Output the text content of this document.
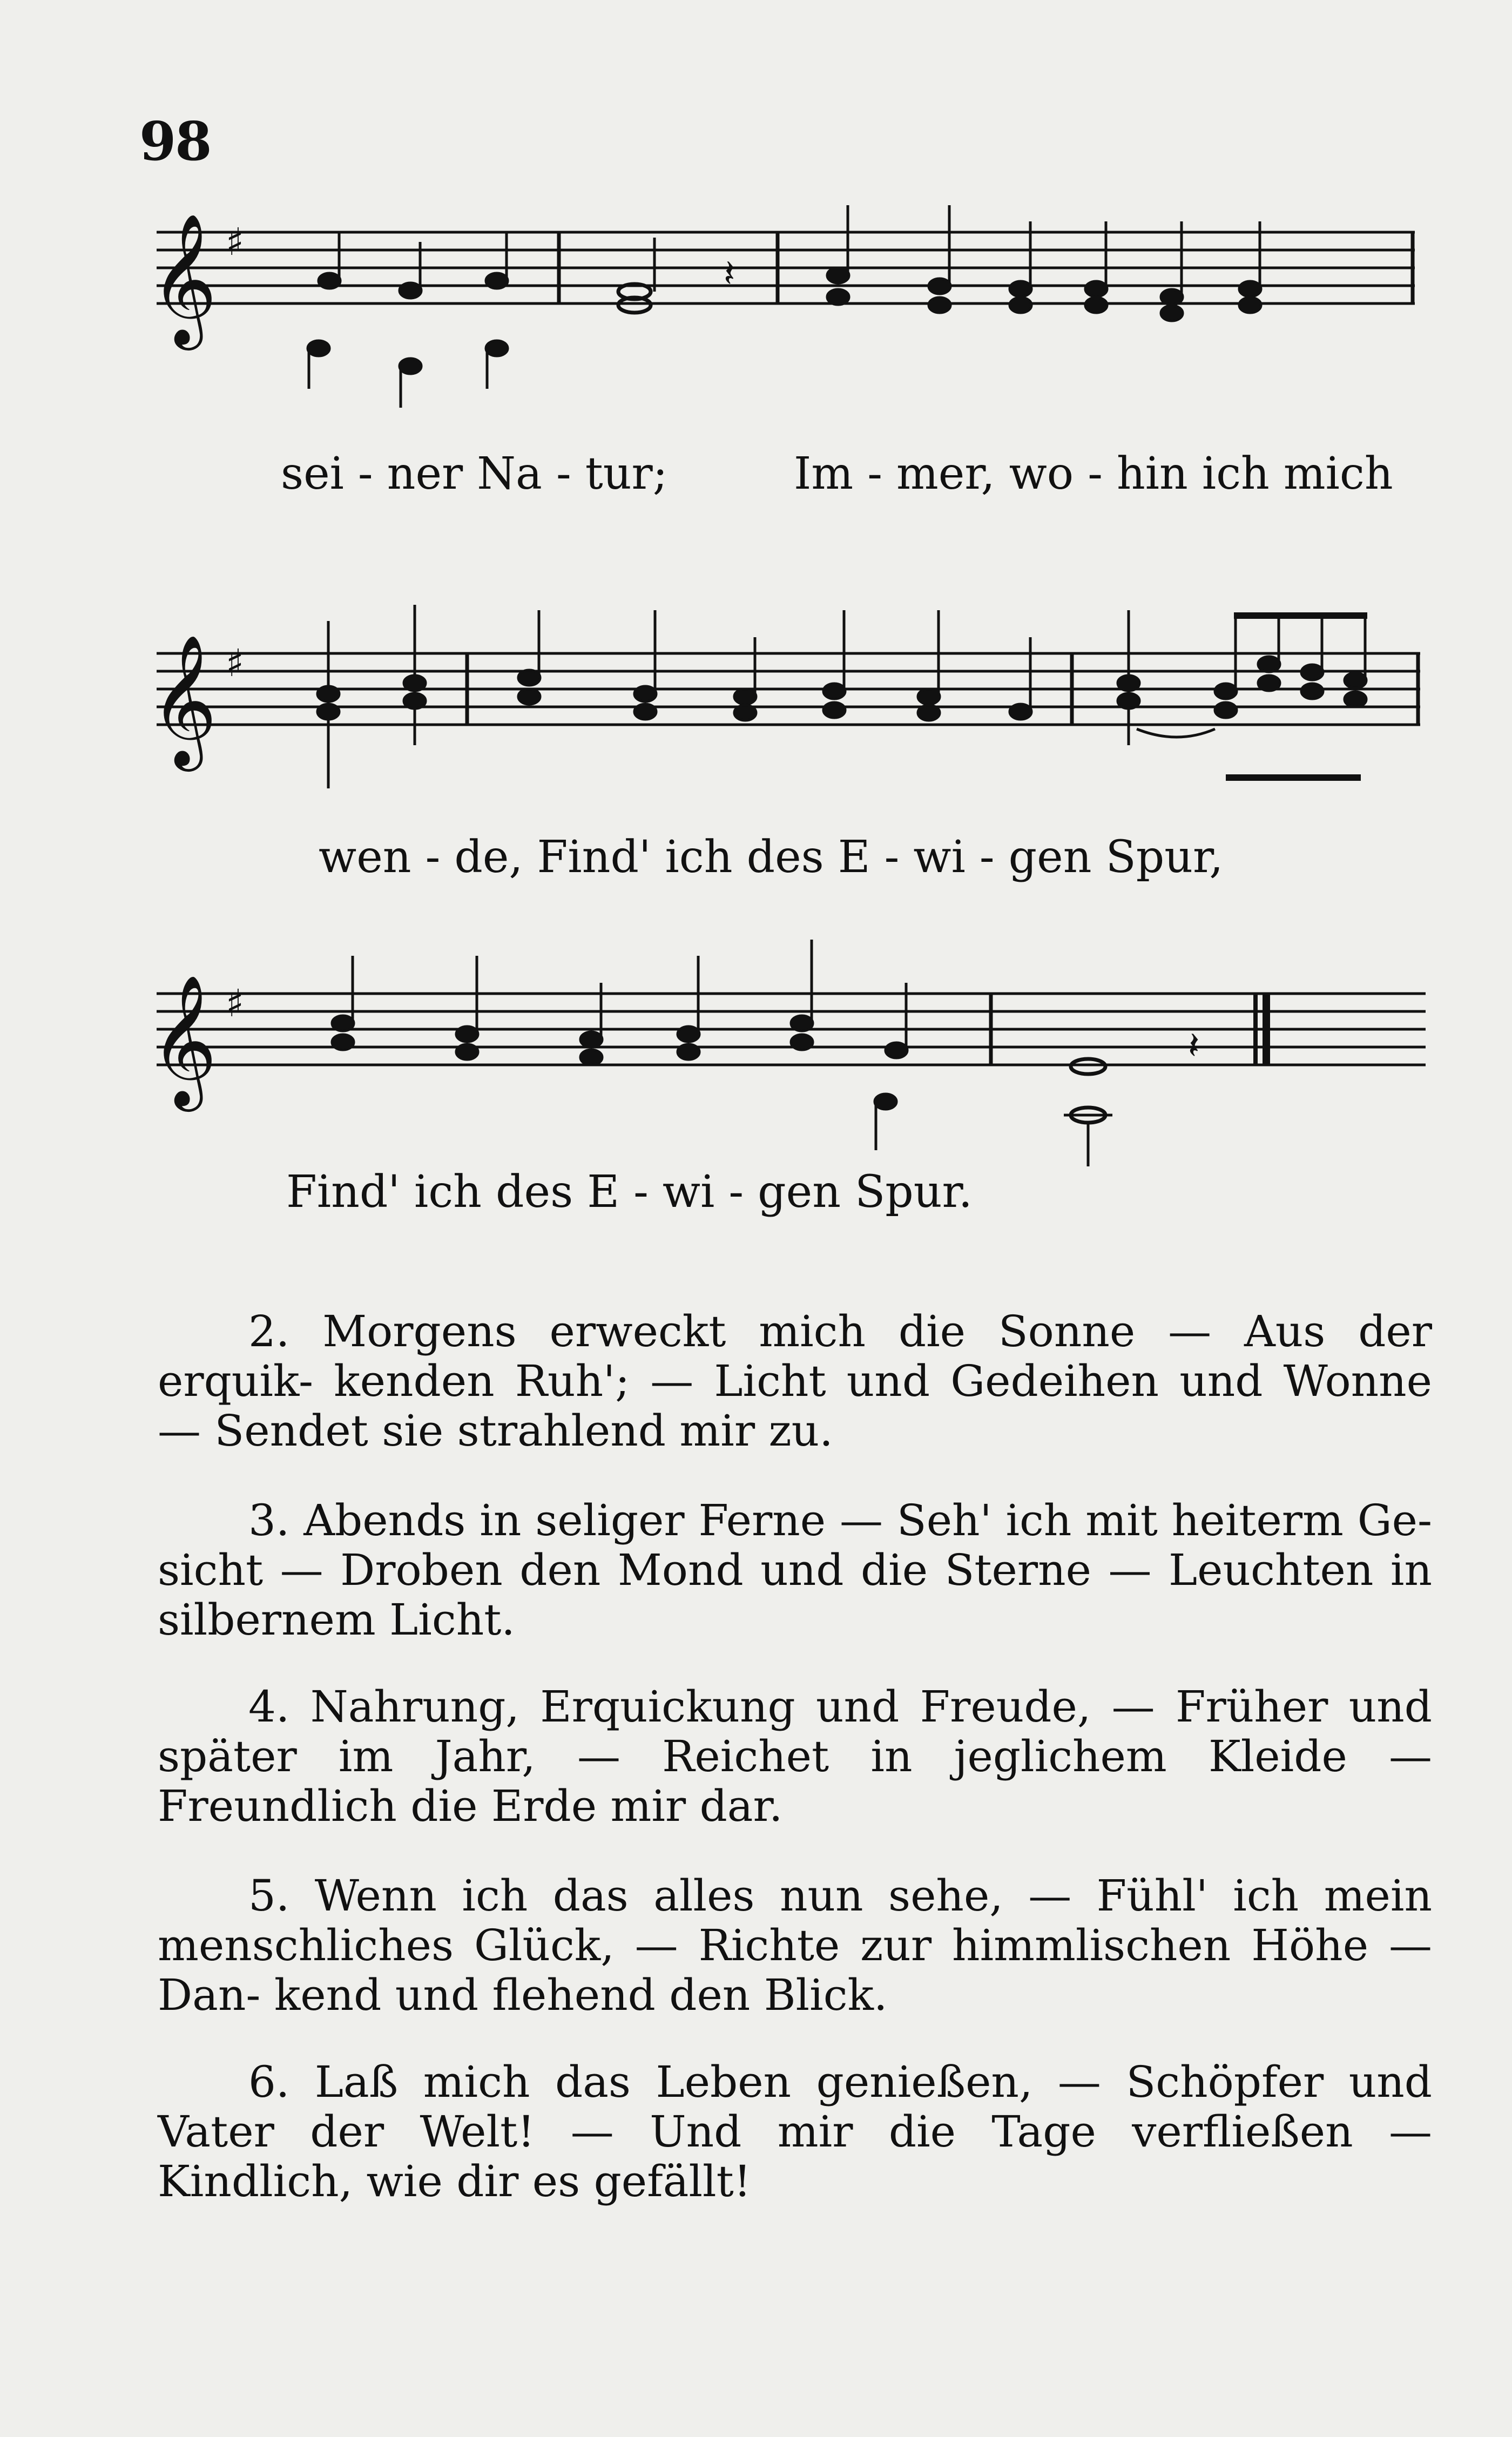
98
𝄞 ♯
𝄽
sei - ner Na - tur;	Im - mer, wo - hin ich mich
𝄞 ♯
wen - de, Find' ich des E - wi - gen Spur,
𝄞 ♯
𝄽
Find' ich des E - wi - gen Spur.
2. Morgens erweckt mich die Sonne — Aus der erquik- kenden Ruh'; — Licht und Gedeihen und Wonne — Sendet sie strahlend mir zu.
3. Abends in seliger Ferne — Seh' ich mit heiterm Ge- sicht — Droben den Mond und die Sterne — Leuchten in silbernem Licht.
4. Nahrung, Erquickung und Freude, — Früher und später im Jahr, — Reichet in jeglichem Kleide — Freundlich die Erde mir dar.
5. Wenn ich das alles nun sehe, — Fühl' ich mein menschliches Glück, — Richte zur himmlischen Höhe — Dan- kend und flehend den Blick.
6. Laß mich das Leben genießen, — Schöpfer und Vater der Welt! — Und mir die Tage verfließen — Kindlich, wie dir es gefällt!
